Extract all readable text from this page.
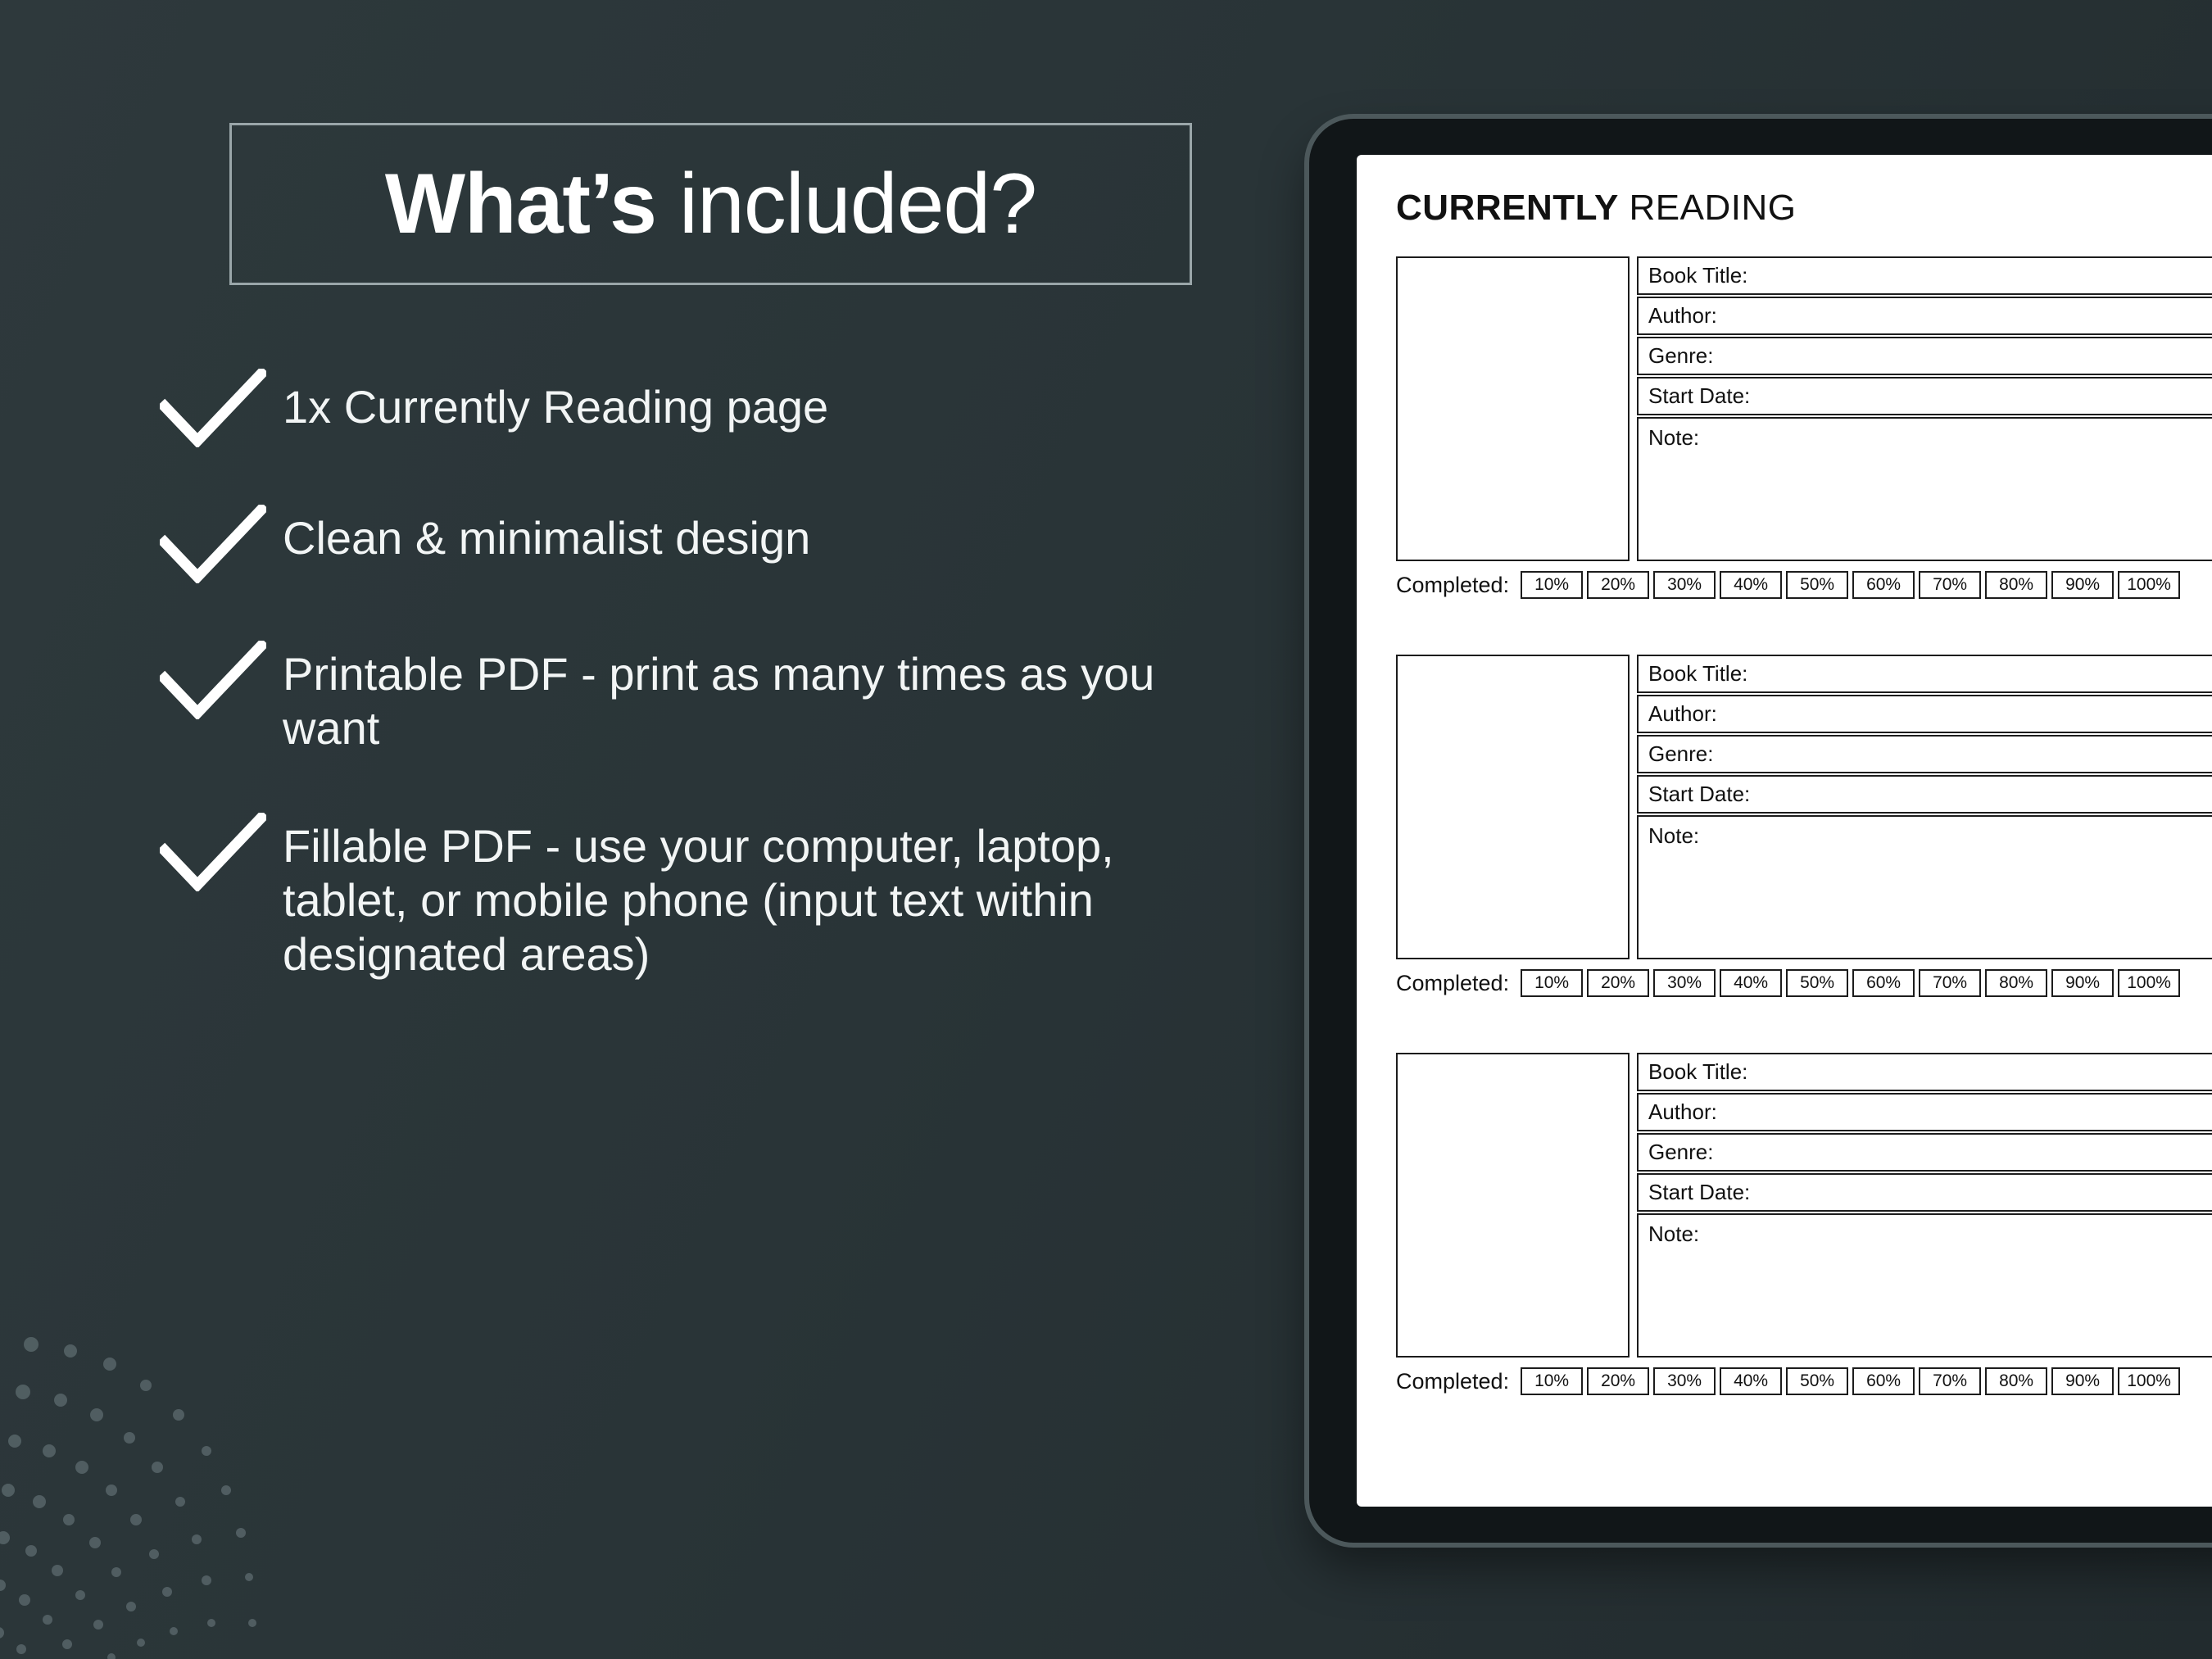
What’s included?
1x Currently Reading page
Clean & minimalist design
Printable PDF - print as many times as you want
Fillable PDF - use your computer, laptop, tablet, or mobile phone (input text within designated areas)
CURRENTLY READING
Book Title:
Author:
Genre:
Start Date:
Note:
Completed:	10%	20%	30%	40%	50%	60%	70%	80%	90%	100%
Book Title:
Author:
Genre:
Start Date:
Note:
Completed:	10%	20%	30%	40%	50%	60%	70%	80%	90%	100%
Book Title:
Author:
Genre:
Start Date:
Note:
Completed:	10%	20%	30%	40%	50%	60%	70%	80%	90%	100%
